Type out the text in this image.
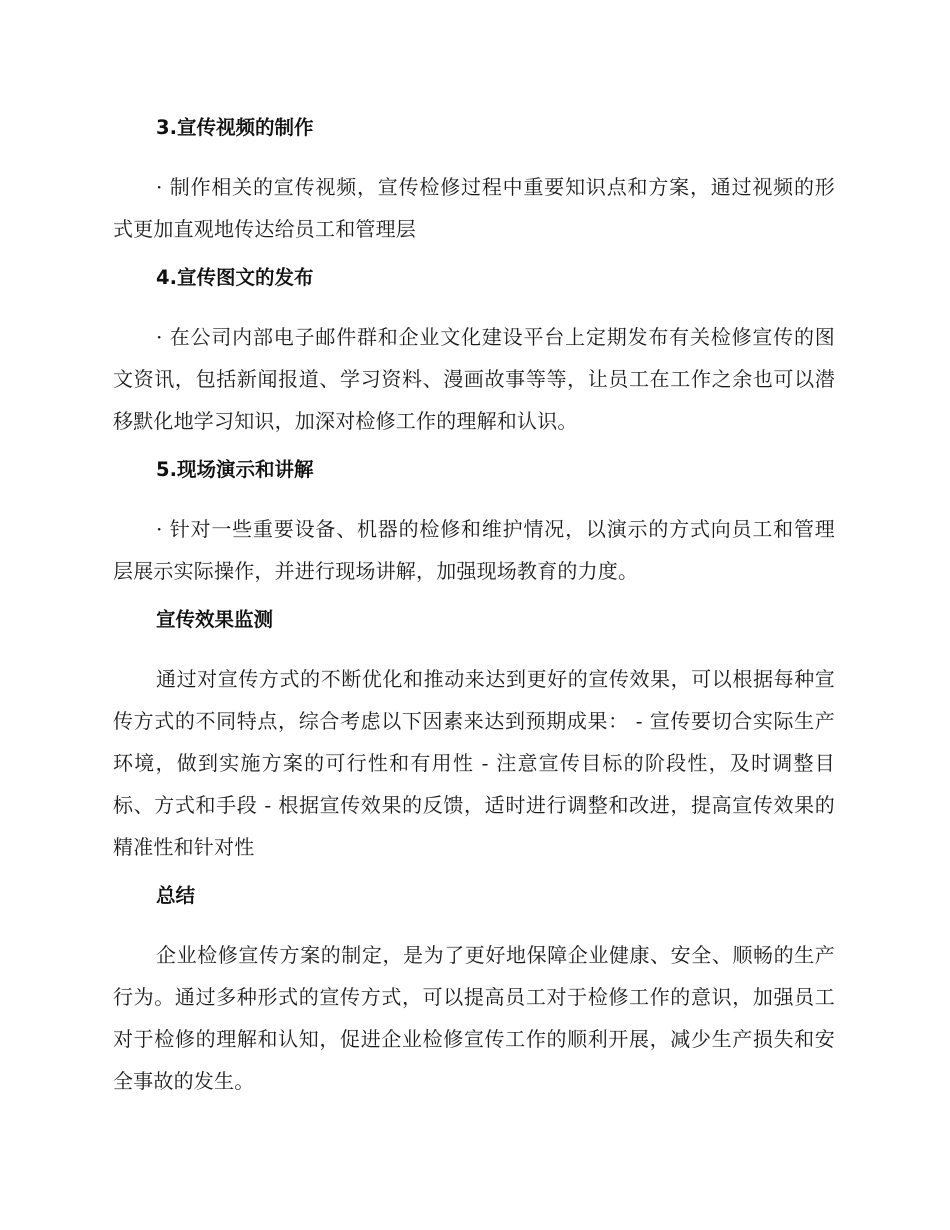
3.宣传视频的制作

· 制作相关的宣传视频，宣传检修过程中重要知识点和方案，通过视频的形式更加直观地传达给员工和管理层

4.宣传图文的发布

· 在公司内部电子邮件群和企业文化建设平台上定期发布有关检修宣传的图文资讯，包括新闻报道、学习资料、漫画故事等等，让员工在工作之余也可以潜移默化地学习知识，加深对检修工作的理解和认识。

5.现场演示和讲解

· 针对一些重要设备、机器的检修和维护情况，以演示的方式向员工和管理层展示实际操作，并进行现场讲解，加强现场教育的力度。

宣传效果监测

通过对宣传方式的不断优化和推动来达到更好的宣传效果，可以根据每种宣传方式的不同特点，综合考虑以下因素来达到预期成果： - 宣传要切合实际生产环境，做到实施方案的可行性和有用性 - 注意宣传目标的阶段性，及时调整目标、方式和手段 - 根据宣传效果的反馈，适时进行调整和改进，提高宣传效果的精准性和针对性

总结

企业检修宣传方案的制定，是为了更好地保障企业健康、安全、顺畅的生产行为。通过多种形式的宣传方式，可以提高员工对于检修工作的意识，加强员工对于检修的理解和认知，促进企业检修宣传工作的顺利开展，减少生产损失和安全事故的发生。
